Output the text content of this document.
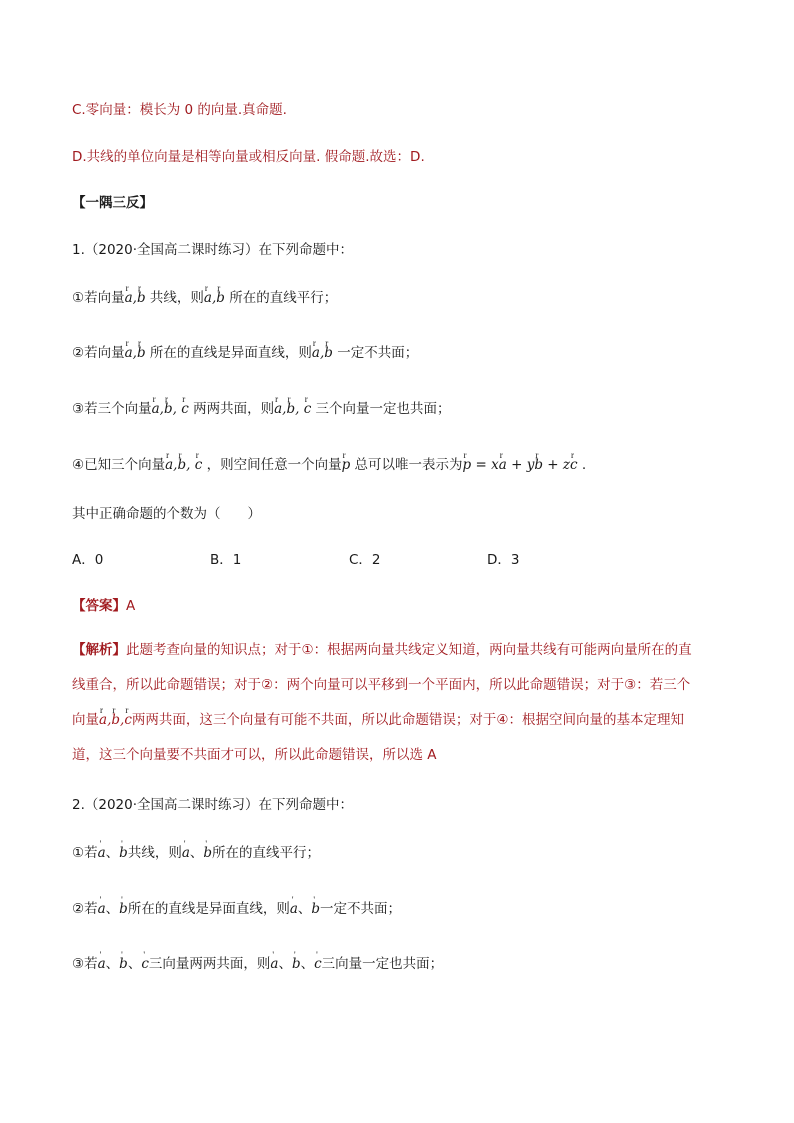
C.零向量：模长为 0 的向量.真命题.
D.共线的单位向量是相等向量或相反向量. 假命题.故选：D.
【一隅三反】
1.（2020·全国高二课时练习）在下列命题中：
①若向量r a,r b 共线，则r a,r b 所在的直线平行；
②若向量r a,r b 所在的直线是异面直线，则r a,r b 一定不共面；
③若三个向量r a,r b, r c 两两共面，则r a,r b, r c 三个向量一定也共面；
④已知三个向量r a,r b, r c ，则空间任意一个向量r p 总可以唯一表示为r p = xr a + yr b + zr c .
其中正确命题的个数为（　　）
A．0	B．1	C．2	D．3
【答案】A
【解析】此题考查向量的知识点；对于①：根据两向量共线定义知道，两向量共线有可能两向量所在的直
线重合，所以此命题错误；对于②：两个向量可以平移到一个平面内，所以此命题错误；对于③：若三个
向量r a,r b,r c两两共面，这三个向量有可能不共面，所以此命题错误；对于④：根据空间向量的基本定理知
道，这三个向量要不共面才可以，所以此命题错误，所以选 A
2.（2020·全国高二课时练习）在下列命题中：
①若' a、' b共线，则' a、' b所在的直线平行；
②若' a、' b所在的直线是异面直线，则' a、' b一定不共面；
③若' a、' b、' c三向量两两共面，则' a、' b、' c三向量一定也共面；
